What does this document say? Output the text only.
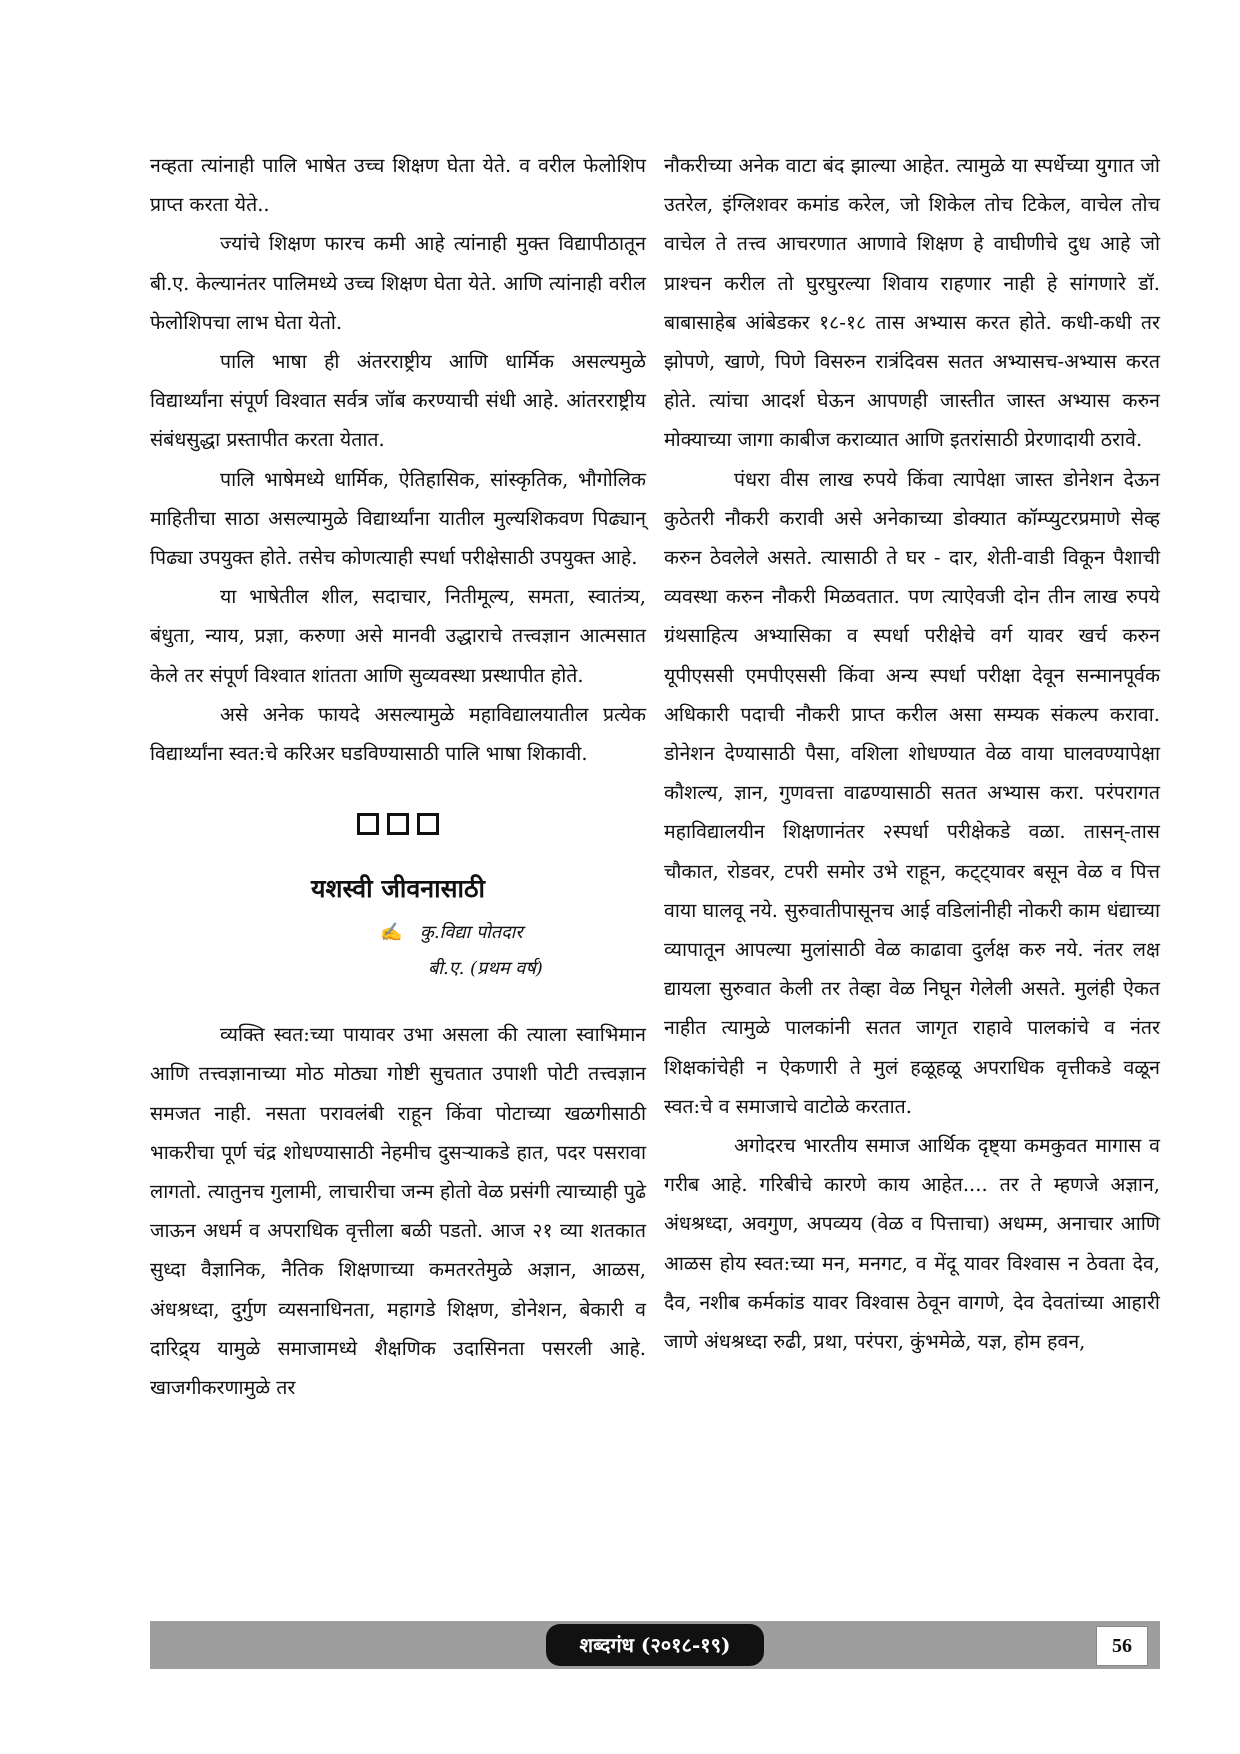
नव्हता त्यांनाही पालि भाषेत उच्च शिक्षण घेता येते. व वरील फेलोशिप प्राप्त करता येते..

ज्यांचे शिक्षण फारच कमी आहे त्यांनाही मुक्त विद्यापीठातून बी.ए. केल्यानंतर पालिमध्ये उच्च शिक्षण घेता येते. आणि त्यांनाही वरील फेलोशिपचा लाभ घेता येतो.

पालि भाषा ही अंतरराष्ट्रीय आणि धार्मिक असल्यमुळे विद्यार्थ्यांना संपूर्ण विश्वात सर्वत्र जॉब करण्याची संधी आहे. आंतरराष्ट्रीय संबंधसुद्धा प्रस्तापीत करता येतात.

पालि भाषेमध्ये धार्मिक, ऐतिहासिक, सांस्कृतिक, भौगोलिक माहितीचा साठा असल्यामुळे विद्यार्थ्यांना यातील मुल्यशिकवण पिढ्यान् पिढ्या उपयुक्त होते. तसेच कोणत्याही स्पर्धा परीक्षेसाठी उपयुक्त आहे.

या भाषेतील शील, सदाचार, नितीमूल्य, समता, स्वातंत्र्य, बंधुता, न्याय, प्रज्ञा, करुणा असे मानवी उद्धाराचे तत्त्वज्ञान आत्मसात केले तर संपूर्ण विश्वात शांतता आणि सुव्यवस्था प्रस्थापीत होते.

असे अनेक फायदे असल्यामुळे महाविद्यालयातील प्रत्येक विद्यार्थ्यांना स्वत:चे करिअर घडविण्यासाठी पालि भाषा शिकावी.

यशस्वी जीवनासाठी
✍ कु.विद्या पोतदार
बी.ए. (प्रथम वर्ष)

व्यक्ति स्वत:च्या पायावर उभा असला की त्याला स्वाभिमान आणि तत्त्वज्ञानाच्या मोठ मोठ्या गोष्टी सुचतात उपाशी पोटी तत्त्वज्ञान समजत नाही. नसता परावलंबी राहून किंवा पोटाच्या खळगीसाठी भाकरीचा पूर्ण चंद्र शोधण्यासाठी नेहमीच दुसऱ्याकडे हात, पदर पसरावा लागतो. त्यातुनच गुलामी, लाचारीचा जन्म होतो वेळ प्रसंगी त्याच्याही पुढे जाऊन अधर्म व अपराधिक वृत्तीला बळी पडतो. आज २१ व्या शतकात सुध्दा वैज्ञानिक, नैतिक शिक्षणाच्या कमतरतेमुळे अज्ञान, आळस, अंधश्रध्दा, दुर्गुण व्यसनाधिनता, महागडे शिक्षण, डोनेशन, बेकारी व दारिद्र्य यामुळे समाजामध्ये शैक्षणिक उदासिनता पसरली आहे. खाजगीकरणामुळे तर

नौकरीच्या अनेक वाटा बंद झाल्या आहेत. त्यामुळे या स्पर्धेच्या युगात जो उतरेल, इंग्लिशवर कमांड करेल, जो शिकेल तोच टिकेल, वाचेल तोच वाचेल ते तत्त्व आचरणात आणावे शिक्षण हे वाघीणीचे दुध आहे जो प्राश्चन करील तो घुरघुरल्या शिवाय राहणार नाही हे सांगणारे डॉ. बाबासाहेब आंबेडकर १८-१८ तास अभ्यास करत होते. कधी-कधी तर झोपणे, खाणे, पिणे विसरुन रात्रंदिवस सतत अभ्यासच-अभ्यास करत होते. त्यांचा आदर्श घेऊन आपणही जास्तीत जास्त अभ्यास करुन मोक्याच्या जागा काबीज कराव्यात आणि इतरांसाठी प्रेरणादायी ठरावे.

पंधरा वीस लाख रुपये किंवा त्यापेक्षा जास्त डोनेशन देऊन कुठेतरी नौकरी करावी असे अनेकाच्या डोक्यात कॉम्प्युटरप्रमाणे सेव्ह करुन ठेवलेले असते. त्यासाठी ते घर - दार, शेती-वाडी विकून पैशाची व्यवस्था करुन नौकरी मिळवतात. पण त्याऐवजी दोन तीन लाख रुपये ग्रंथसाहित्य अभ्यासिका व स्पर्धा परीक्षेचे वर्ग यावर खर्च करुन यूपीएससी एमपीएससी किंवा अन्य स्पर्धा परीक्षा देवून सन्मानपूर्वक अधिकारी पदाची नौकरी प्राप्त करील असा सम्यक संकल्प करावा. डोनेशन देण्यासाठी पैसा, वशिला शोधण्यात वेळ वाया घालवण्यापेक्षा कौशल्य, ज्ञान, गुणवत्ता वाढण्यासाठी सतत अभ्यास करा. परंपरागत महाविद्यालयीन शिक्षणानंतर २स्पर्धा परीक्षेकडे वळा. तासन्-तास चौकात, रोडवर, टपरी समोर उभे राहून, कट्ट्यावर बसून वेळ व पित्त वाया घालवू नये. सुरुवातीपासूनच आई वडिलांनीही नोकरी काम धंद्याच्या व्यापातून आपल्या मुलांसाठी वेळ काढावा दुर्लक्ष करु नये. नंतर लक्ष द्यायला सुरुवात केली तर तेव्हा वेळ निघून गेलेली असते. मुलंही ऐकत नाहीत त्यामुळे पालकांनी सतत जागृत राहावे पालकांचे व नंतर शिक्षकांचेही न ऐकणारी ते मुलं हळूहळू अपराधिक वृत्तीकडे वळून स्वत:चे व समाजाचे वाटोळे करतात.

अगोदरच भारतीय समाज आर्थिक दृष्ट्या कमकुवत मागास व गरीब आहे. गरिबीचे कारणे काय आहेत.... तर ते म्हणजे अज्ञान, अंधश्रध्दा, अवगुण, अपव्यय (वेळ व पित्ताचा) अधम्म, अनाचार आणि आळस होय स्वत:च्या मन, मनगट, व मेंदू यावर विश्वास न ठेवता देव, दैव, नशीब कर्मकांड यावर विश्वास ठेवून वागणे, देव देवतांच्या आहारी जाणे अंधश्रध्दा रुढी, प्रथा, परंपरा, कुंभमेळे, यज्ञ, होम हवन,

शब्दगंध (२०१८-१९)	56
